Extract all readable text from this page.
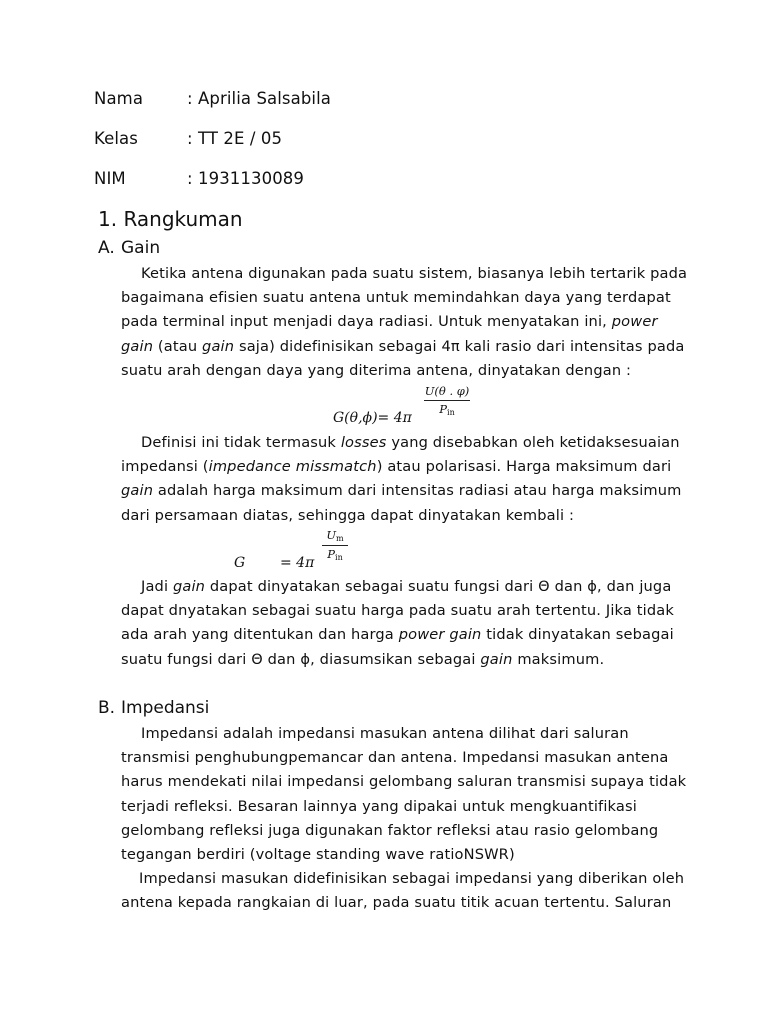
Nama	: Aprilia Salsabila
Kelas	: TT 2E / 05
NIM	: 1931130089
1. Rangkuman
A. Gain

Ketika antena digunakan pada suatu sistem, biasanya lebih tertarik pada

bagaimana efisien suatu antena untuk memindahkan daya yang terdapat

pada terminal input menjadi daya radiasi. Untuk menyatakan ini, power

gain (atau gain saja) didefinisikan sebagai 4π kali rasio dari intensitas pada

suatu arah dengan daya yang diterima antena, dinyatakan dengan :

G(θ,ϕ)= 4π
U(θ . φ)
$P_{in}$

Definisi ini tidak termasuk losses yang disebabkan oleh ketidaksesuaian

impedansi (impedance missmatch) atau polarisasi. Harga maksimum dari

gain adalah harga maksimum dari intensitas radiasi atau harga maksimum

dari persamaan diatas, sehingga dapat dinyatakan kembali :

G = 4π
$U_m$
$P_{in}$

Jadi gain dapat dinyatakan sebagai suatu fungsi dari Θ dan ϕ, dan juga

dapat dnyatakan sebagai suatu harga pada suatu arah tertentu. Jika tidak

ada arah yang ditentukan dan harga power gain tidak dinyatakan sebagai

suatu fungsi dari Θ dan ϕ, diasumsikan sebagai gain maksimum.

B. Impedansi

Impedansi adalah impedansi masukan antena dilihat dari saluran

transmisi penghubungpemancar dan antena. Impedansi masukan antena

harus mendekati nilai impedansi gelombang saluran transmisi supaya tidak

terjadi refleksi. Besaran lainnya yang dipakai untuk mengkuantifikasi

gelombang refleksi juga digunakan faktor refleksi atau rasio gelombang

tegangan berdiri (voltage standing wave ratioNSWR)

Impedansi masukan didefinisikan sebagai impedansi yang diberikan oleh

antena kepada rangkaian di luar, pada suatu titik acuan tertentu. Saluran
